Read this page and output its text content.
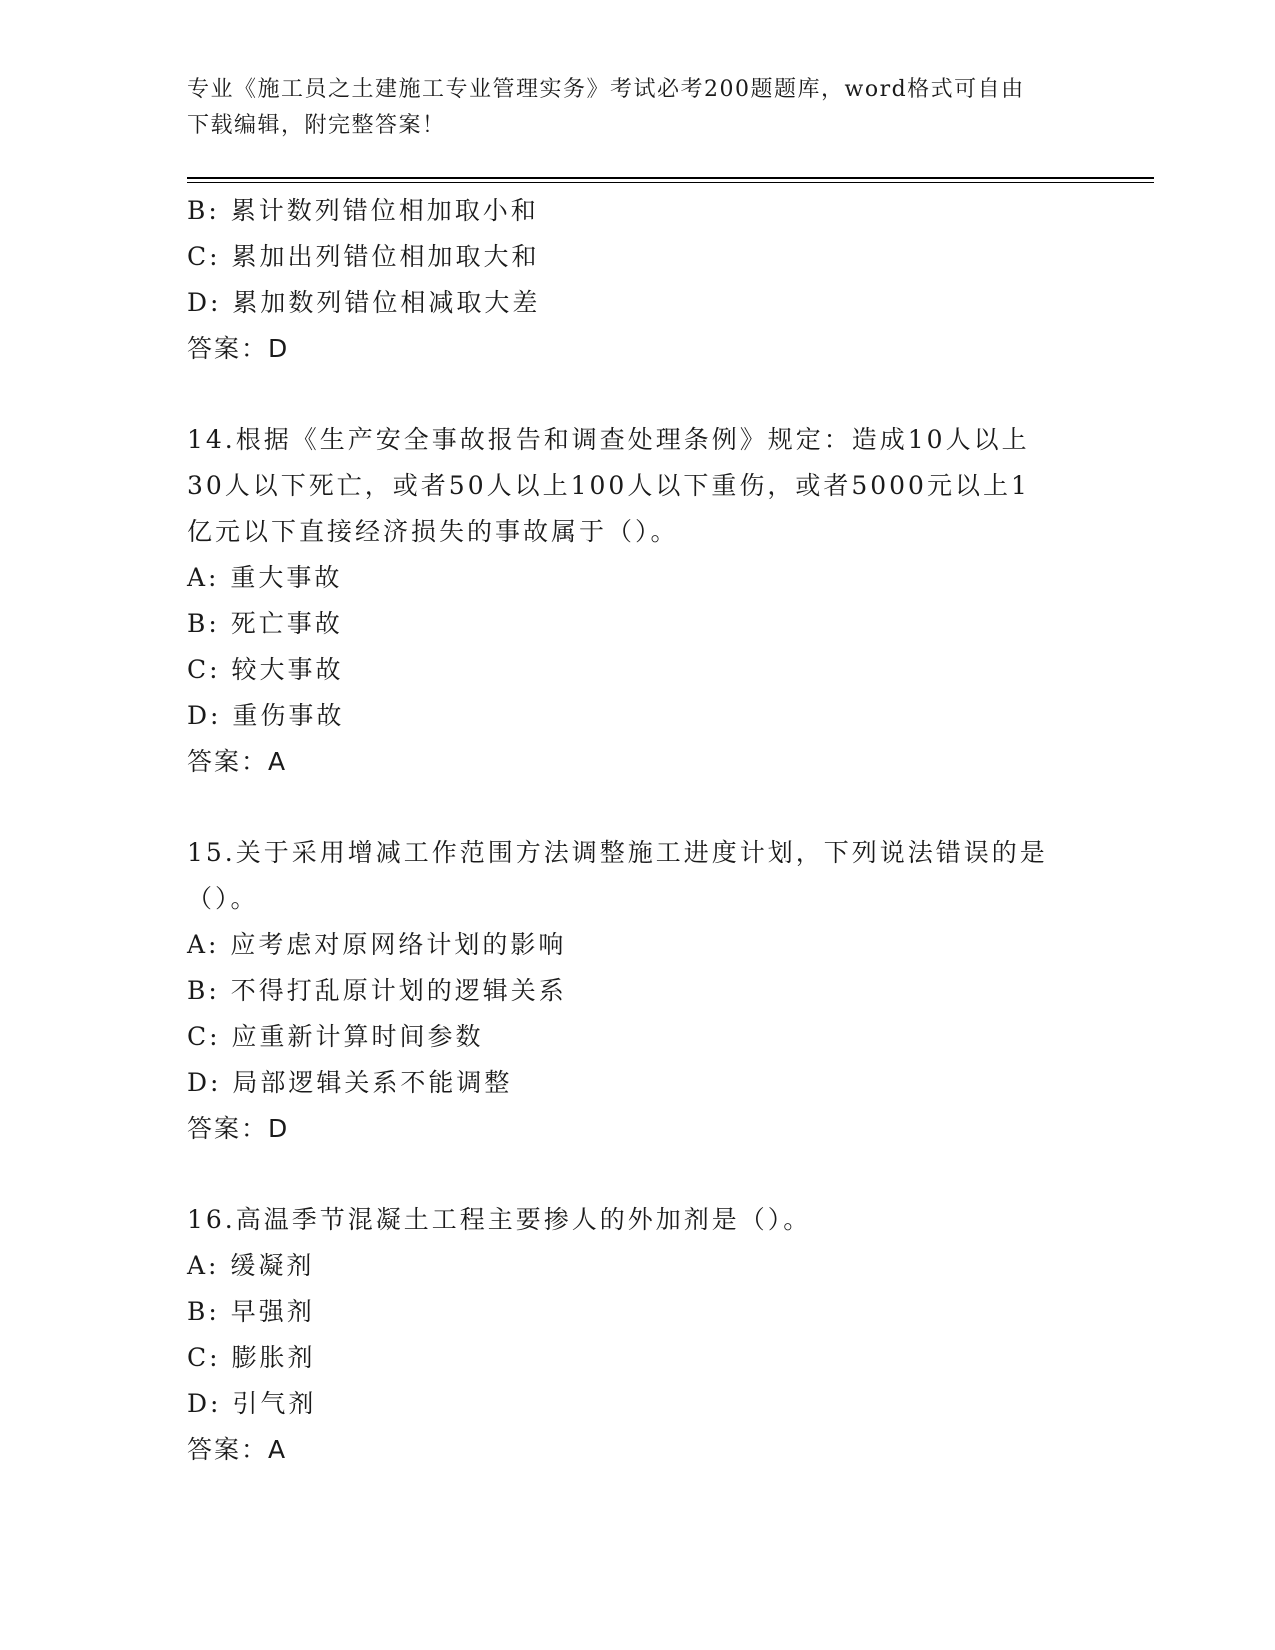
专业《施工员之土建施工专业管理实务》考试必考200题题库，word格式可自由
下载编辑，附完整答案！
B: 累计数列错位相加取小和
C: 累加出列错位相加取大和
D: 累加数列错位相减取大差
答案：D
14.根据《生产安全事故报告和调查处理条例》规定：造成10人以上
30人以下死亡，或者50人以上100人以下重伤，或者5000元以上1
亿元以下直接经济损失的事故属于（）。
A: 重大事故
B: 死亡事故
C: 较大事故
D: 重伤事故
答案：A
15.关于采用增减工作范围方法调整施工进度计划，下列说法错误的是
（）。
A: 应考虑对原网络计划的影响
B: 不得打乱原计划的逻辑关系
C: 应重新计算时间参数
D: 局部逻辑关系不能调整
答案：D
16.高温季节混凝土工程主要掺人的外加剂是（）。
A: 缓凝剂
B: 早强剂
C: 膨胀剂
D: 引气剂
答案：A
